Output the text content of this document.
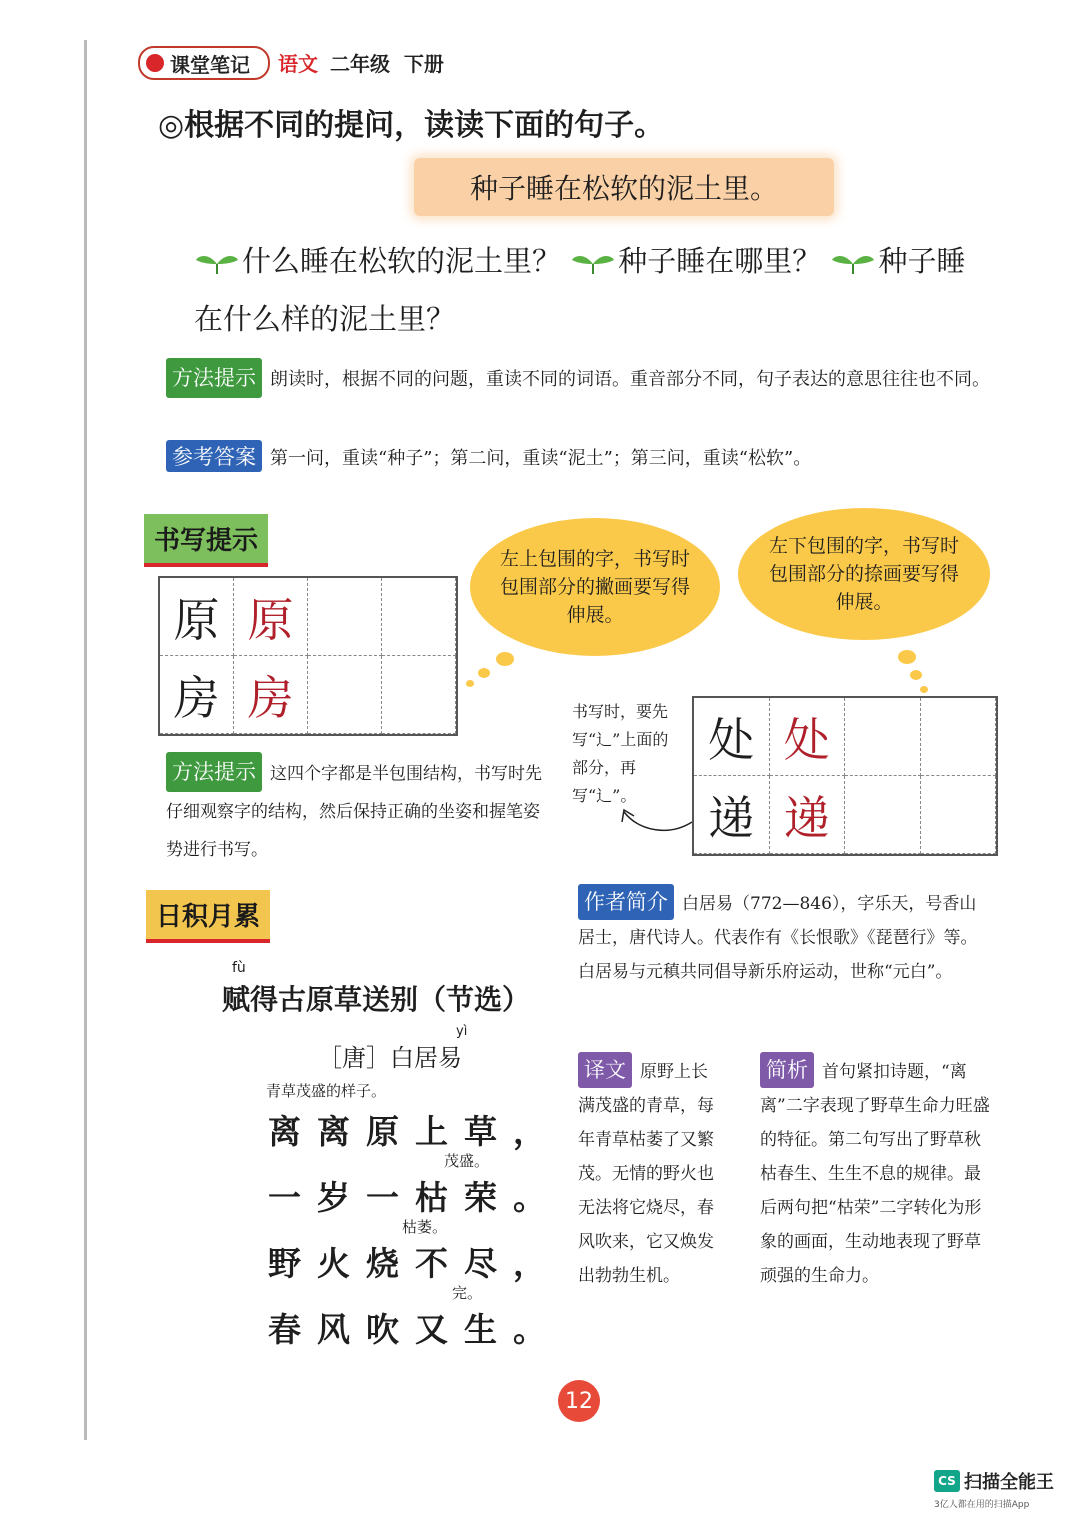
课堂笔记 语文 二年级  下册
◎根据不同的提问，读读下面的句子。
种子睡在松软的泥土里。
什么睡在松软的泥土里？ 种子睡在哪里？ 种子睡在什么样的泥土里？
方法提示 朗读时，根据不同的问题，重读不同的词语。重音部分不同，句子表达的意思往往也不同。
参考答案 第一问，重读“种子”；第二问，重读“泥土”；第三问，重读“松软”。
书写提示
原 原
房 房
左上包围的字，书写时包围部分的撇画要写得伸展。
左下包围的字，书写时包围部分的捺画要写得伸展。
书写时，要先写“辶”上面的部分，再写“辶”。
处 处
递 递
方法提示 这四个字都是半包围结构，书写时先仔细观察字的结构，然后保持正确的坐姿和握笔姿势进行书写。
日积月累	作者简介 白居易（772—846），字乐天，号香山居士，唐代诗人。代表作有《长恨歌》《琵琶行》等。白居易与元稹共同倡导新乐府运动，世称“元白”。
fù
赋得古原草送别（节选）
yì
［唐］白居易
青草茂盛的样子。
离离原上草，
茂盛。
一岁一枯荣。
枯萎。
野火烧不尽，
完。
春风吹又生。
译文 原野上长满茂盛的青草，每年青草枯萎了又繁茂。无情的野火也无法将它烧尽，春风吹来，它又焕发出勃勃生机。
简析 首句紧扣诗题，“离离”二字表现了野草生命力旺盛的特征。第二句写出了野草秋枯春生、生生不息的规律。最后两句把“枯荣”二字转化为形象的画面，生动地表现了野草顽强的生命力。
12
CS 扫描全能王
3亿人都在用的扫描App
